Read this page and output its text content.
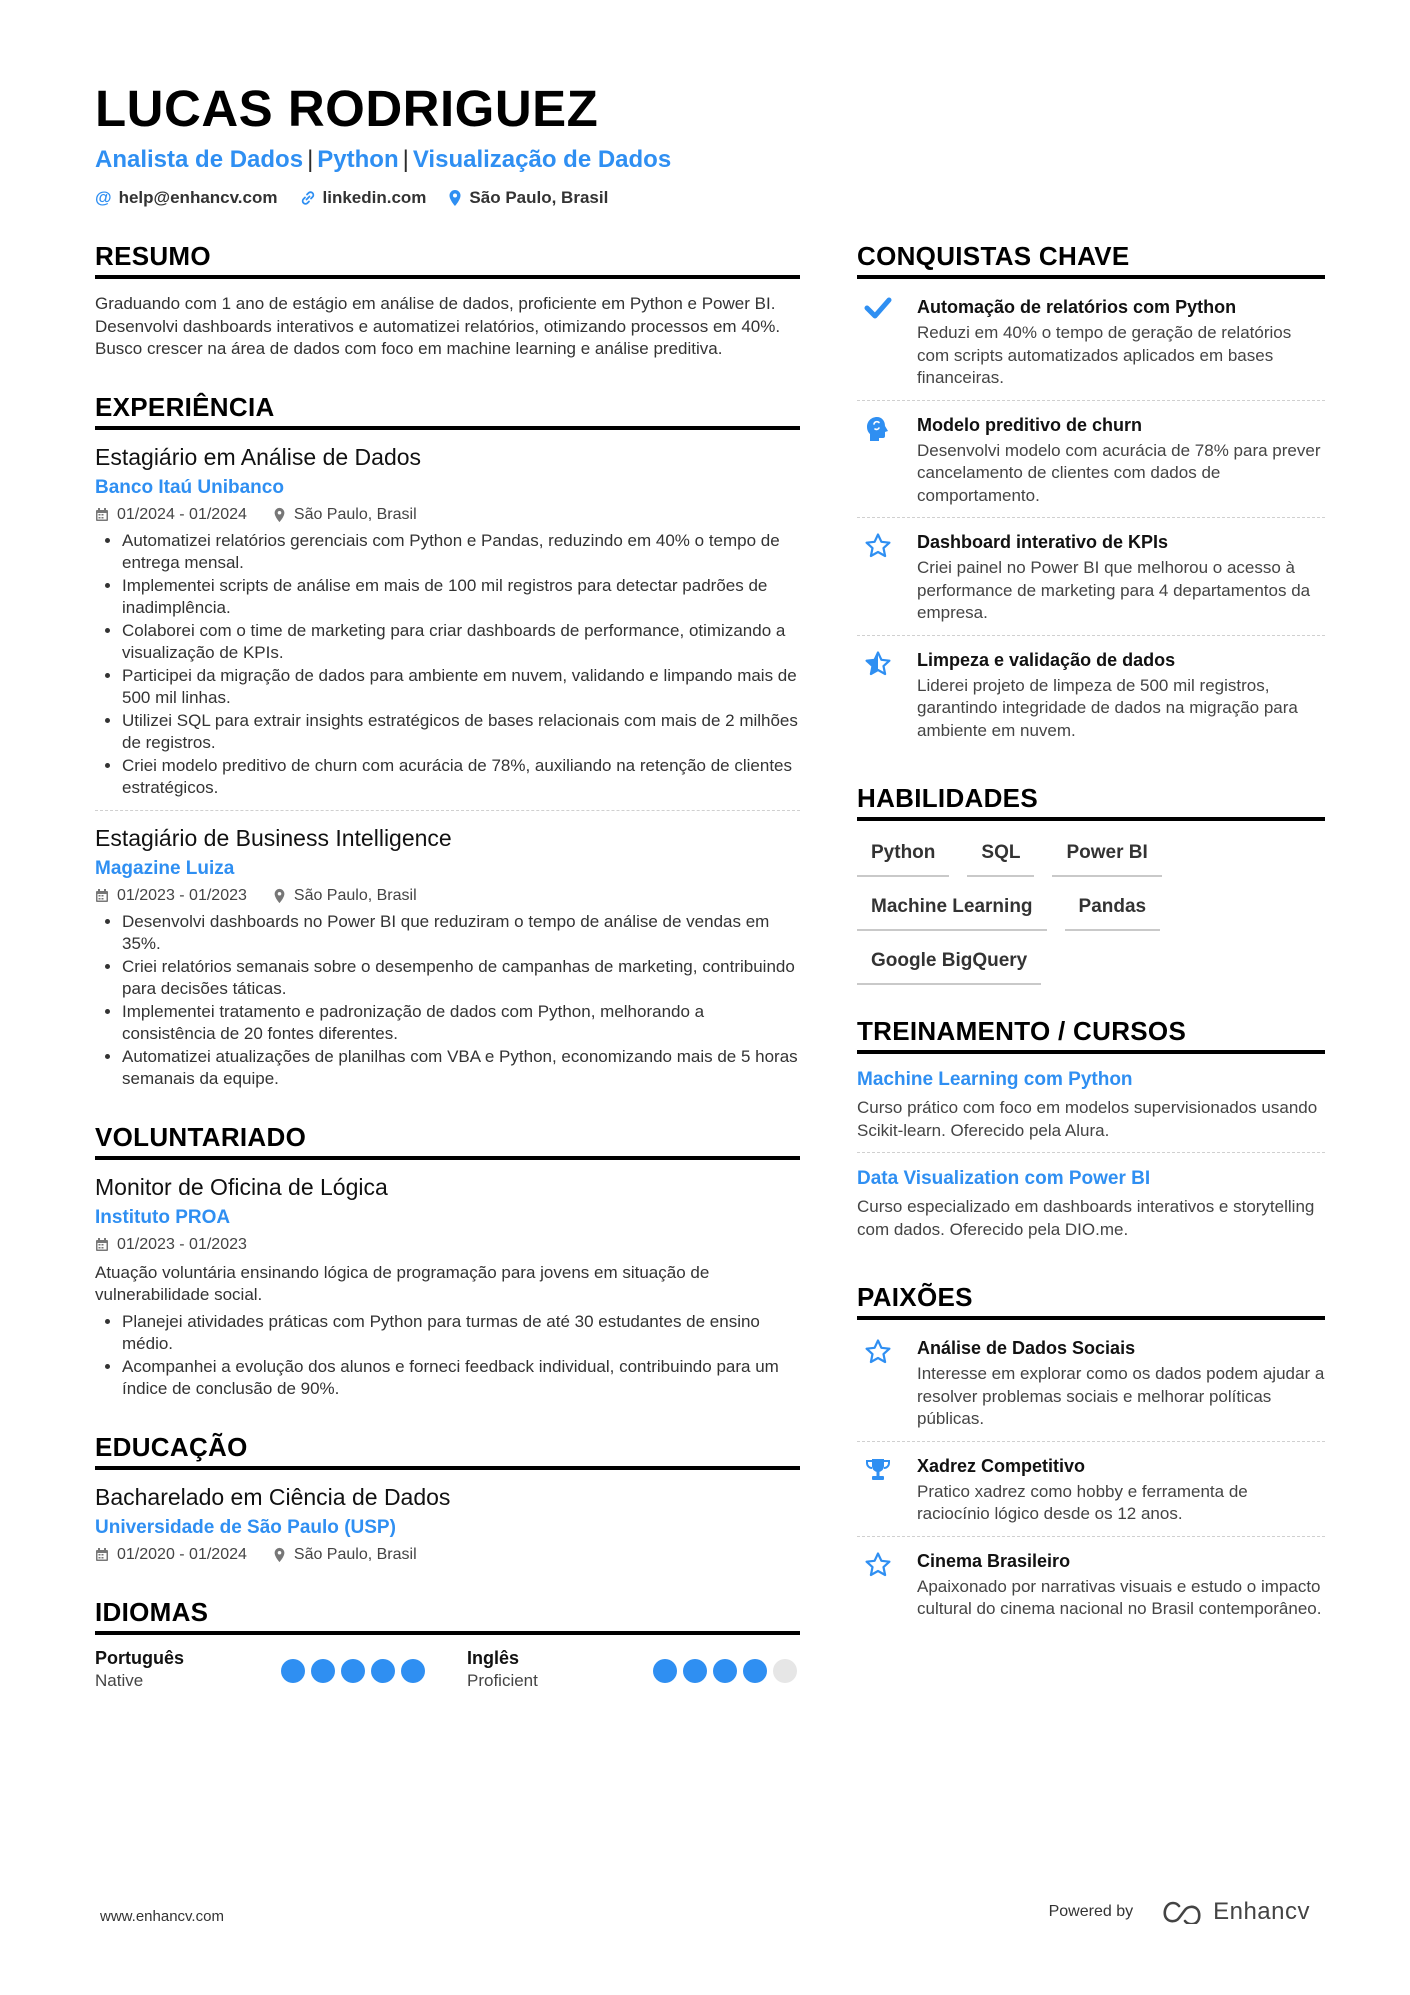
LUCAS RODRIGUEZ
Analista de Dados | Python | Visualização de Dados
@ help@enhancv.com	linkedin.com	São Paulo, Brasil
RESUMO
Graduando com 1 ano de estágio em análise de dados, proficiente em Python e Power BI. Desenvolvi dashboards interativos e automatizei relatórios, otimizando processos em 40%. Busco crescer na área de dados com foco em machine learning e análise preditiva.
EXPERIÊNCIA
Estagiário em Análise de Dados
Banco Itaú Unibanco
01/2024 - 01/2024	São Paulo, Brasil
• Automatizei relatórios gerenciais com Python e Pandas, reduzindo em 40% o tempo de entrega mensal.
• Implementei scripts de análise em mais de 100 mil registros para detectar padrões de inadimplência.
• Colaborei com o time de marketing para criar dashboards de performance, otimizando a visualização de KPIs.
• Participei da migração de dados para ambiente em nuvem, validando e limpando mais de 500 mil linhas.
• Utilizei SQL para extrair insights estratégicos de bases relacionais com mais de 2 milhões de registros.
• Criei modelo preditivo de churn com acurácia de 78%, auxiliando na retenção de clientes estratégicos.
Estagiário de Business Intelligence
Magazine Luiza
01/2023 - 01/2023	São Paulo, Brasil
• Desenvolvi dashboards no Power BI que reduziram o tempo de análise de vendas em 35%.
• Criei relatórios semanais sobre o desempenho de campanhas de marketing, contribuindo para decisões táticas.
• Implementei tratamento e padronização de dados com Python, melhorando a consistência de 20 fontes diferentes.
• Automatizei atualizações de planilhas com VBA e Python, economizando mais de 5 horas semanais da equipe.
VOLUNTARIADO
Monitor de Oficina de Lógica
Instituto PROA
01/2023 - 01/2023
Atuação voluntária ensinando lógica de programação para jovens em situação de vulnerabilidade social.
• Planejei atividades práticas com Python para turmas de até 30 estudantes de ensino médio.
• Acompanhei a evolução dos alunos e forneci feedback individual, contribuindo para um índice de conclusão de 90%.
EDUCAÇÃO
Bacharelado em Ciência de Dados
Universidade de São Paulo (USP)
01/2020 - 01/2024	São Paulo, Brasil
IDIOMAS
Português
Native
Inglês
Proficient
CONQUISTAS CHAVE
Automação de relatórios com Python
Reduzi em 40% o tempo de geração de relatórios com scripts automatizados aplicados em bases financeiras.
Modelo preditivo de churn
Desenvolvi modelo com acurácia de 78% para prever cancelamento de clientes com dados de comportamento.
Dashboard interativo de KPIs
Criei painel no Power BI que melhorou o acesso à performance de marketing para 4 departamentos da empresa.
Limpeza e validação de dados
Liderei projeto de limpeza de 500 mil registros, garantindo integridade de dados na migração para ambiente em nuvem.
HABILIDADES
Python	SQL	Power BI
Machine Learning	Pandas
Google BigQuery
TREINAMENTO / CURSOS
Machine Learning com Python
Curso prático com foco em modelos supervisionados usando Scikit-learn. Oferecido pela Alura.
Data Visualization com Power BI
Curso especializado em dashboards interativos e storytelling com dados. Oferecido pela DIO.me.
PAIXÕES
Análise de Dados Sociais
Interesse em explorar como os dados podem ajudar a resolver problemas sociais e melhorar políticas públicas.
Xadrez Competitivo
Pratico xadrez como hobby e ferramenta de raciocínio lógico desde os 12 anos.
Cinema Brasileiro
Apaixonado por narrativas visuais e estudo o impacto cultural do cinema nacional no Brasil contemporâneo.
www.enhancv.com	Powered by	Enhancv
